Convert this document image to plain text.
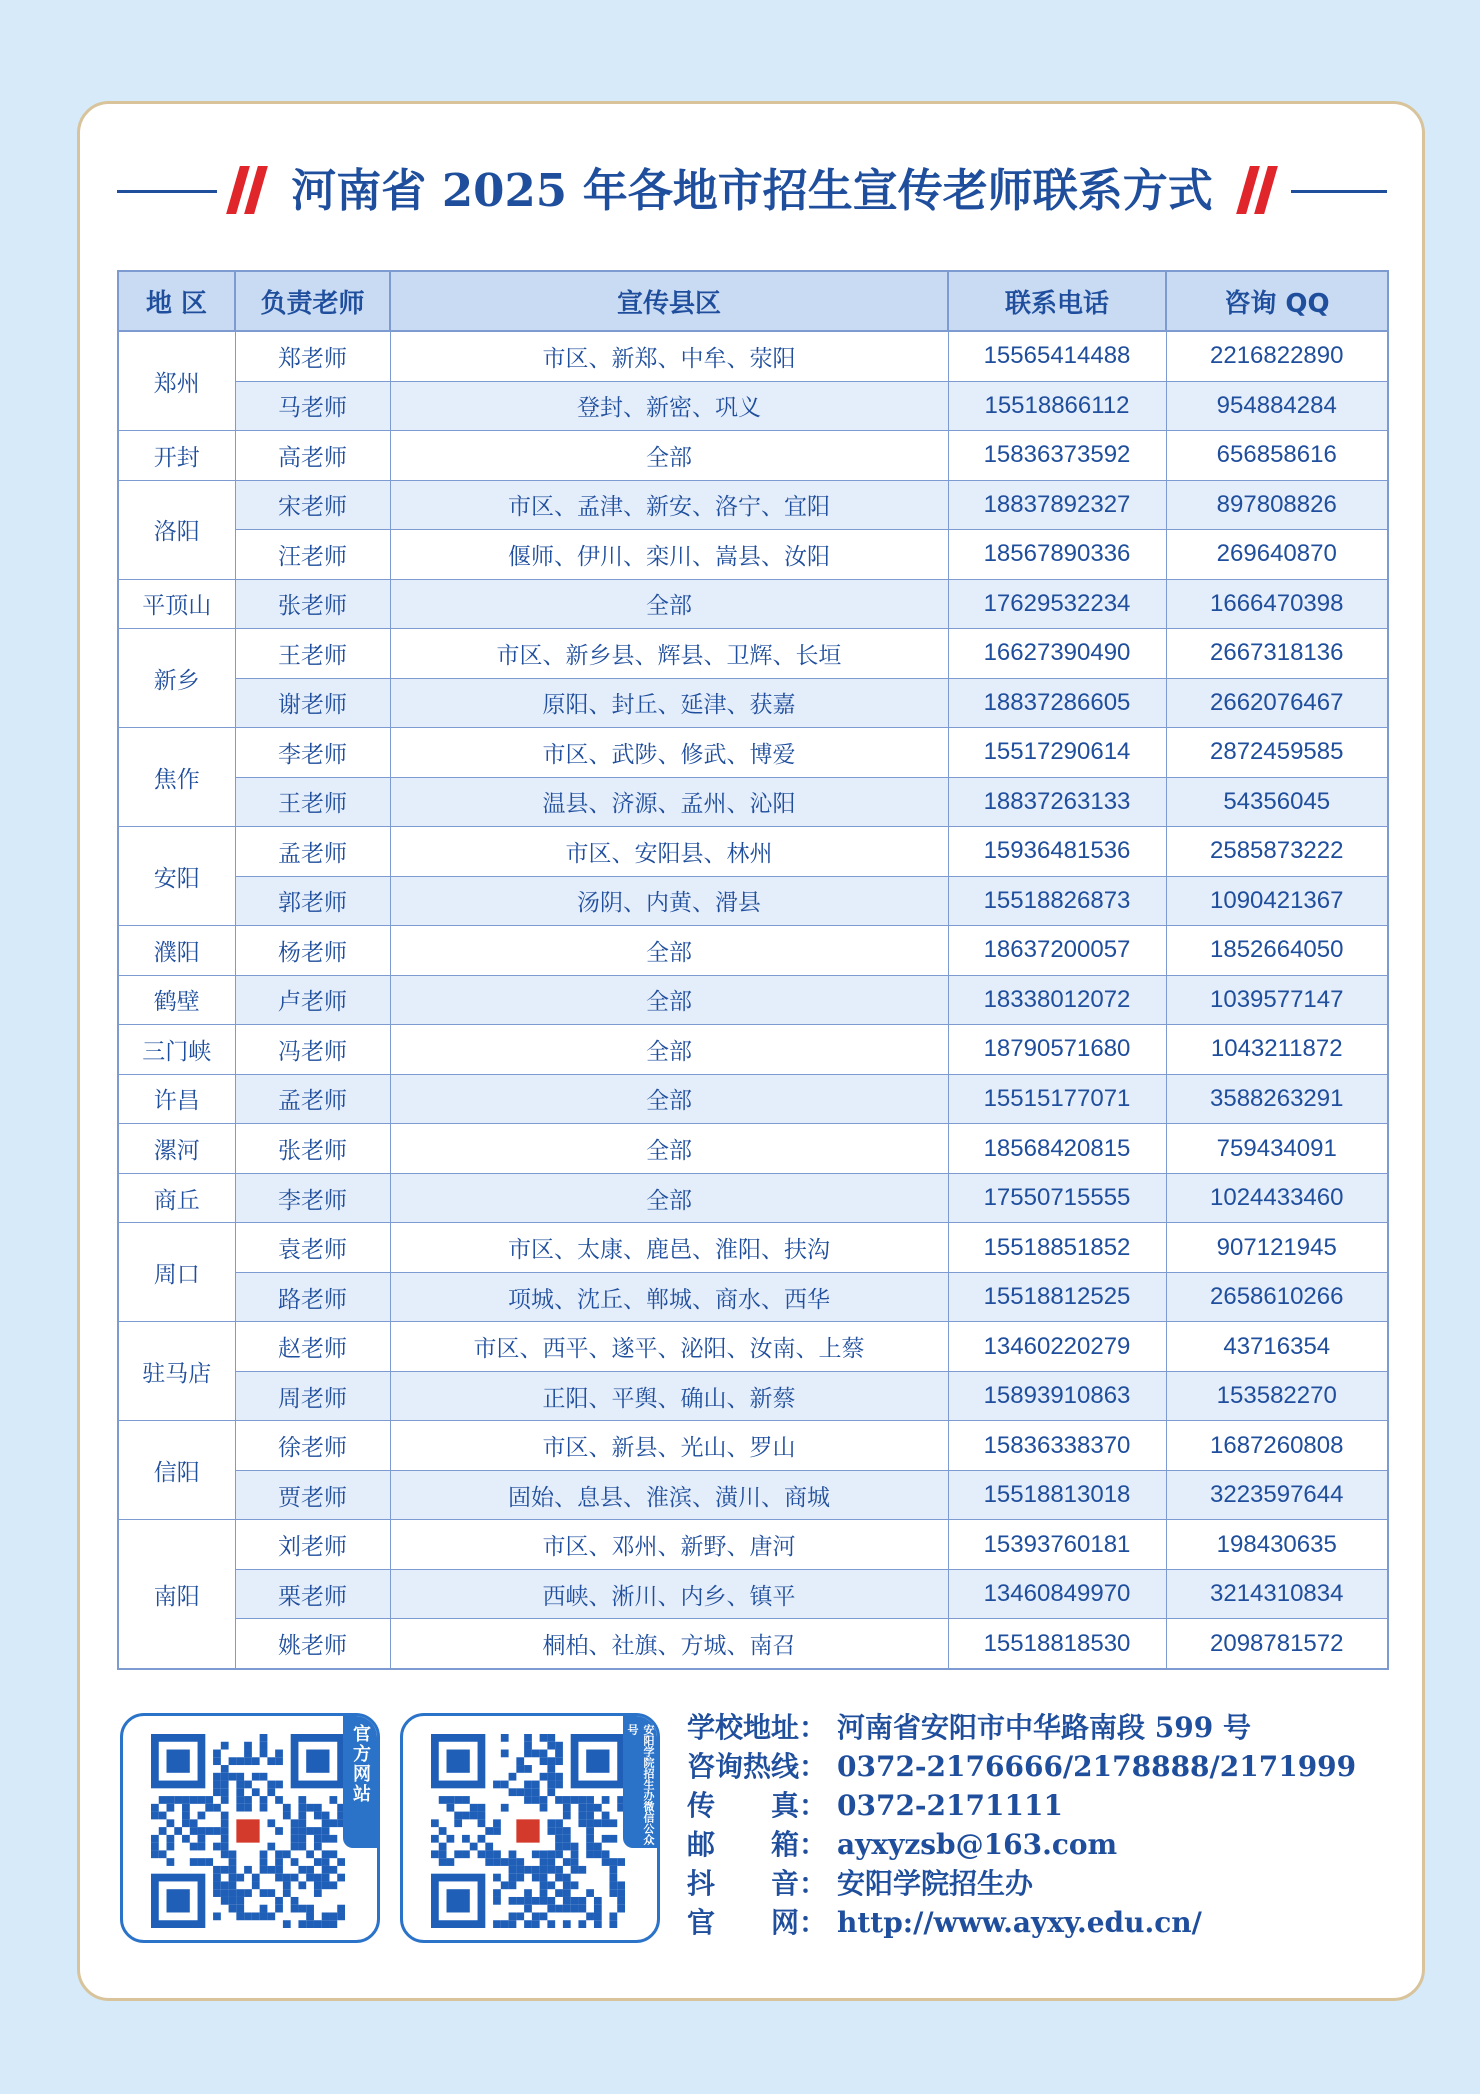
河南省 2025 年各地市招生宣传老师联系方式
地 区	负责老师	宣传县区	联系电话	咨询 QQ
郑州	郑老师	市区、新郑、中牟、荥阳	15565414488	2216822890
	马老师	登封、新密、巩义	15518866112	954884284
开封	高老师	全部	15836373592	656858616
洛阳	宋老师	市区、孟津、新安、洛宁、宜阳	18837892327	897808826
	汪老师	偃师、伊川、栾川、嵩县、汝阳	18567890336	269640870
平顶山	张老师	全部	17629532234	1666470398
新乡	王老师	市区、新乡县、辉县、卫辉、长垣	16627390490	2667318136
	谢老师	原阳、封丘、延津、获嘉	18837286605	2662076467
焦作	李老师	市区、武陟、修武、博爱	15517290614	2872459585
	王老师	温县、济源、孟州、沁阳	18837263133	54356045
安阳	孟老师	市区、安阳县、林州	15936481536	2585873222
	郭老师	汤阴、内黄、滑县	15518826873	1090421367
濮阳	杨老师	全部	18637200057	1852664050
鹤壁	卢老师	全部	18338012072	1039577147
三门峡	冯老师	全部	18790571680	1043211872
许昌	孟老师	全部	15515177071	3588263291
漯河	张老师	全部	18568420815	759434091
商丘	李老师	全部	17550715555	1024433460
周口	袁老师	市区、太康、鹿邑、淮阳、扶沟	15518851852	907121945
	路老师	项城、沈丘、郸城、商水、西华	15518812525	2658610266
驻马店	赵老师	市区、西平、遂平、泌阳、汝南、上蔡	13460220279	43716354
	周老师	正阳、平舆、确山、新蔡	15893910863	153582270
信阳	徐老师	市区、新县、光山、罗山	15836338370	1687260808
	贾老师	固始、息县、淮滨、潢川、商城	15518813018	3223597644
南阳	刘老师	市区、邓州、新野、唐河	15393760181	198430635
	栗老师	西峡、淅川、内乡、镇平	13460849970	3214310834
	姚老师	桐柏、社旗、方城、南召	15518818530	2098781572
官方网站	安阳学院招生办微信公众号	学校地址： 河南省安阳市中华路南段 599 号
咨询热线： 0372-2176666/2178888/2171999
传　　真： 0372-2171111
邮　　箱： ayxyzsb@163.com
抖　　音： 安阳学院招生办
官　　网： http://www.ayxy.edu.cn/
